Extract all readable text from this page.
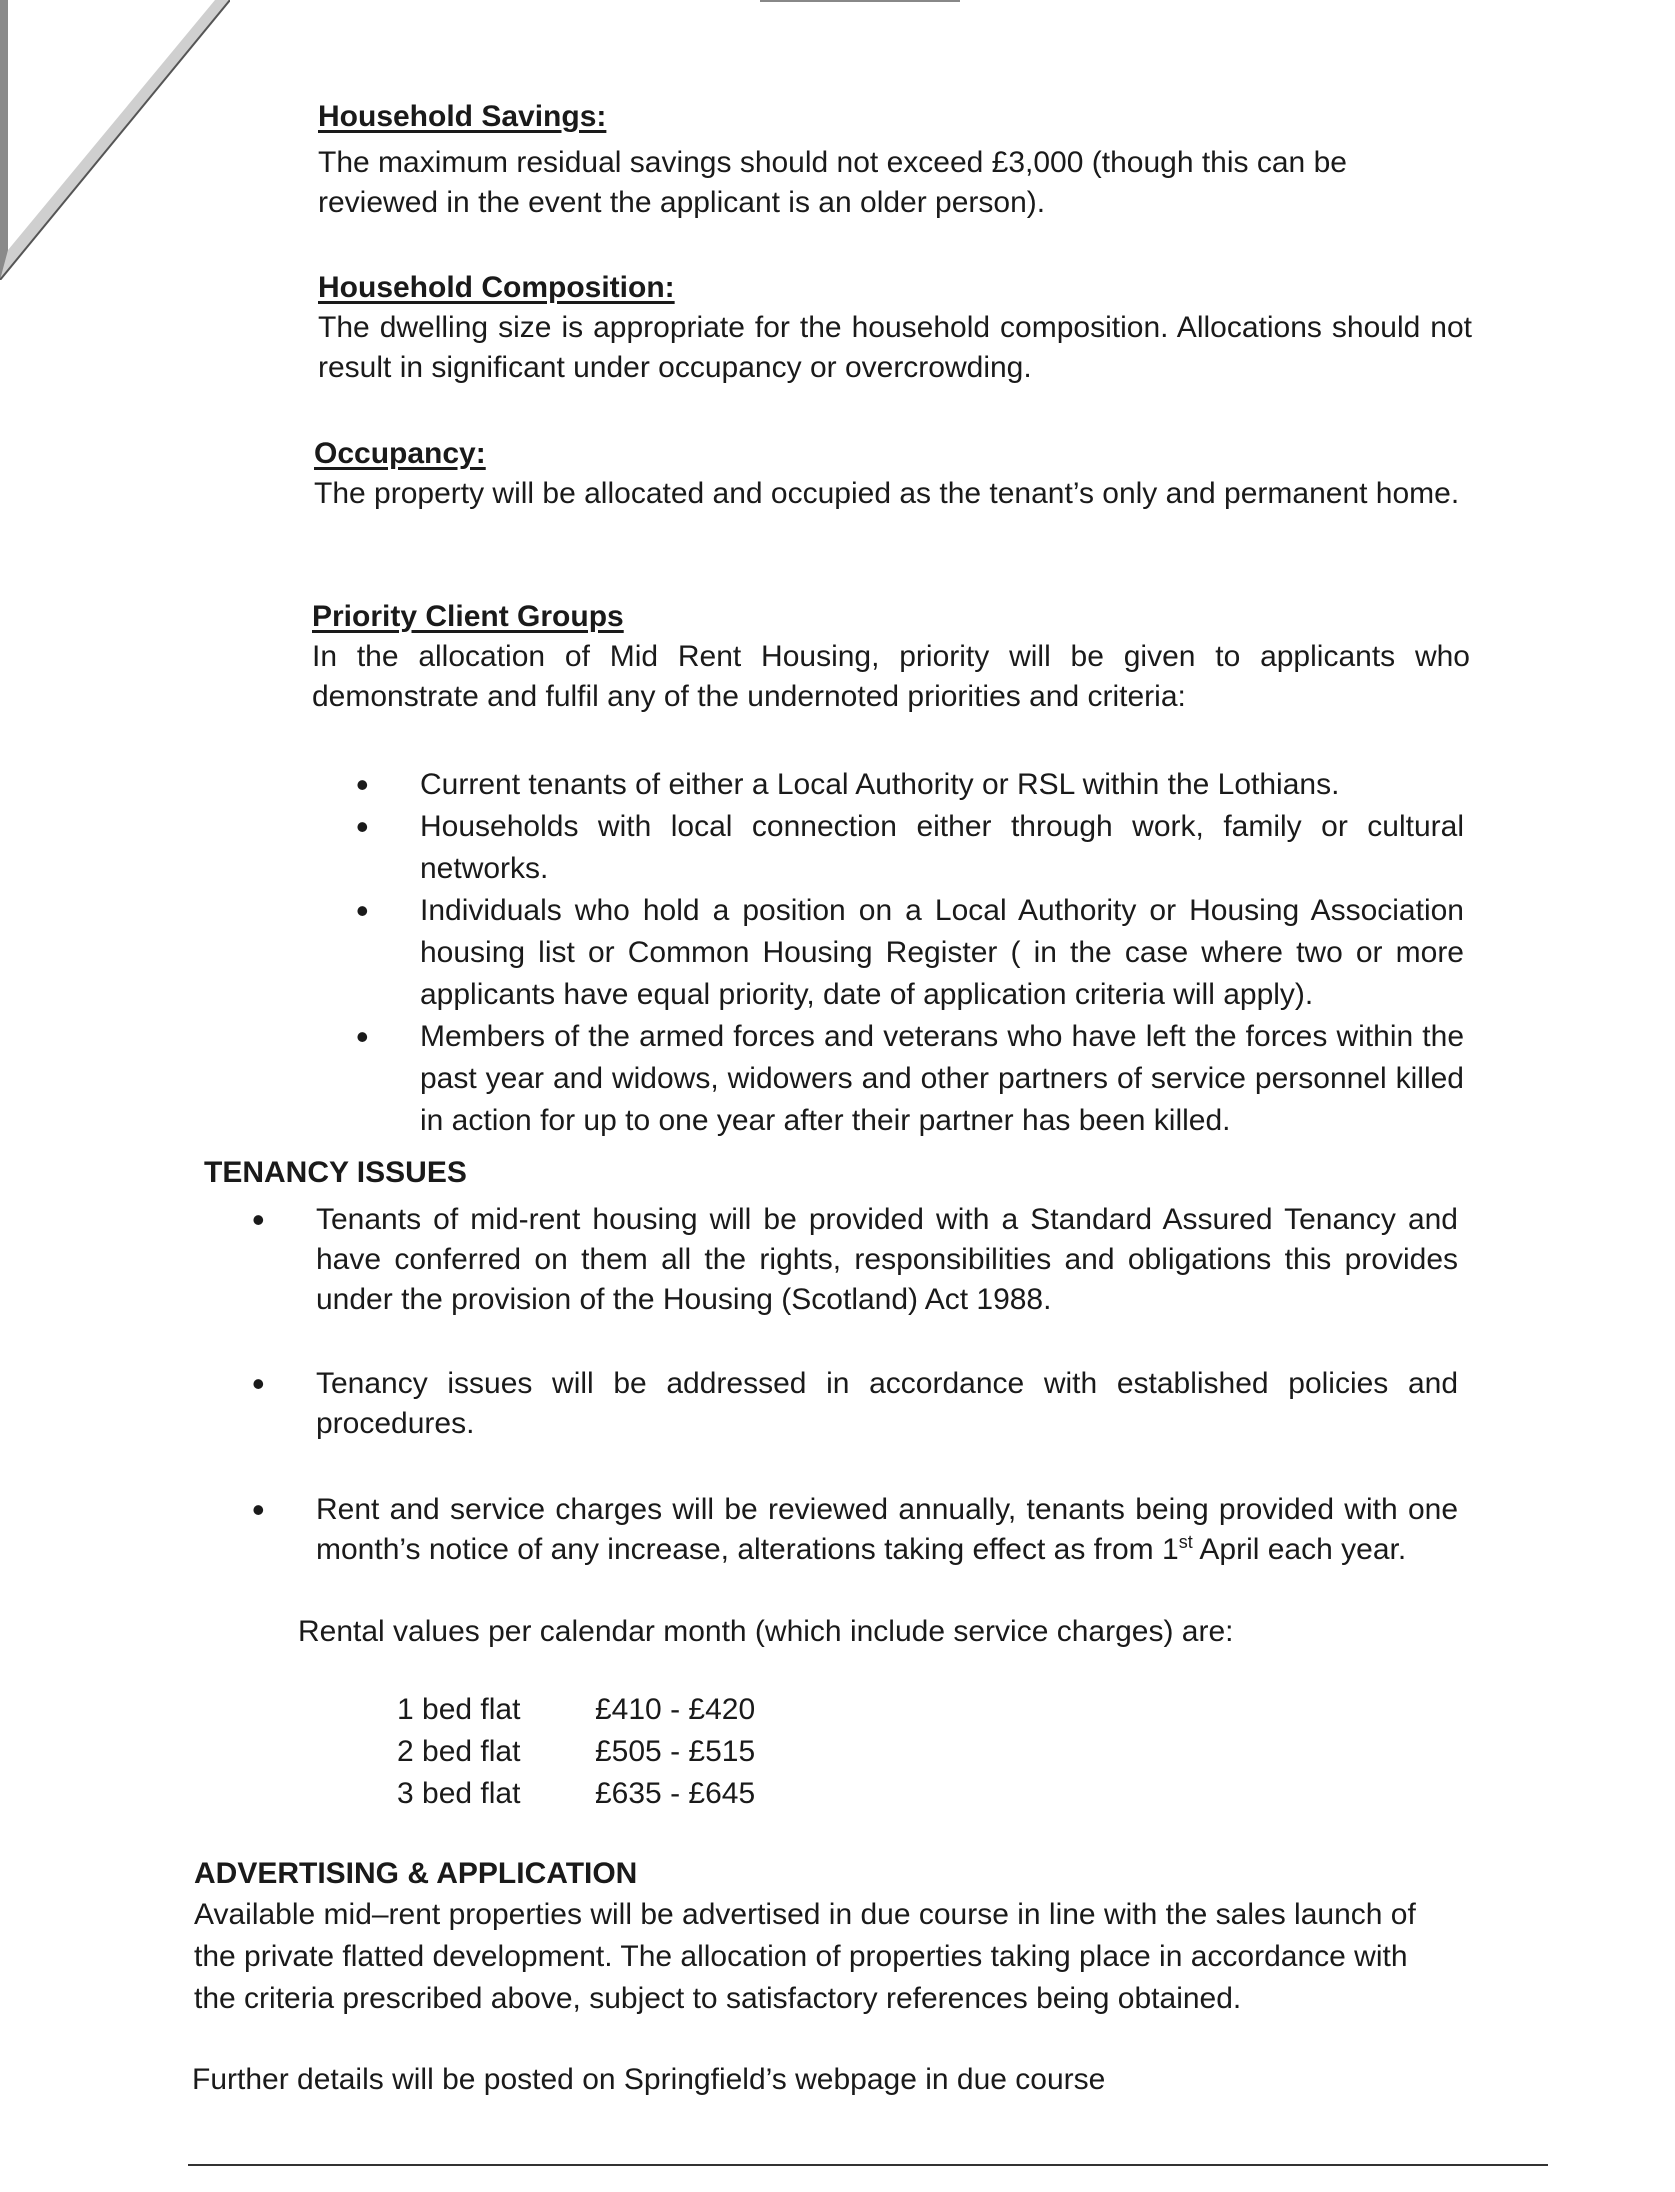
Household Savings:
The maximum residual savings should not exceed £3,000 (though this can be reviewed in the event the applicant is an older person).
Household Composition:
The dwelling size is appropriate for the household composition. Allocations should not result in significant under occupancy or overcrowding.
Occupancy:
The property will be allocated and occupied as the tenant’s only and permanent home.
Priority Client Groups
In the allocation of Mid Rent Housing, priority will be given to applicants who demonstrate and fulfil any of the undernoted priorities and criteria:
• Current tenants of either a Local Authority or RSL within the Lothians.
• Households with local connection either through work, family or cultural networks.
• Individuals who hold a position on a Local Authority or Housing Association housing list or Common Housing Register ( in the case where two or more applicants have equal priority, date of application criteria will apply).
• Members of the armed forces and veterans who have left the forces within the past year and widows, widowers and other partners of service personnel killed in action for up to one year after their partner has been killed.
TENANCY ISSUES
• Tenants of mid-rent housing will be provided with a Standard Assured Tenancy and have conferred on them all the rights, responsibilities and obligations this provides under the provision of the Housing (Scotland) Act 1988.
• Tenancy issues will be addressed in accordance with established policies and procedures.
• Rent and service charges will be reviewed annually, tenants being provided with one month’s notice of any increase, alterations taking effect as from 1st April each year.
Rental values per calendar month (which include service charges) are:
1 bed flat	£410 - £420
2 bed flat	£505 - £515
3 bed flat	£635 - £645
ADVERTISING & APPLICATION
Available mid–rent properties will be advertised in due course in line with the sales launch of the private flatted development. The allocation of properties taking place in accordance with the criteria prescribed above, subject to satisfactory references being obtained.
Further details will be posted on Springfield’s webpage in due course
